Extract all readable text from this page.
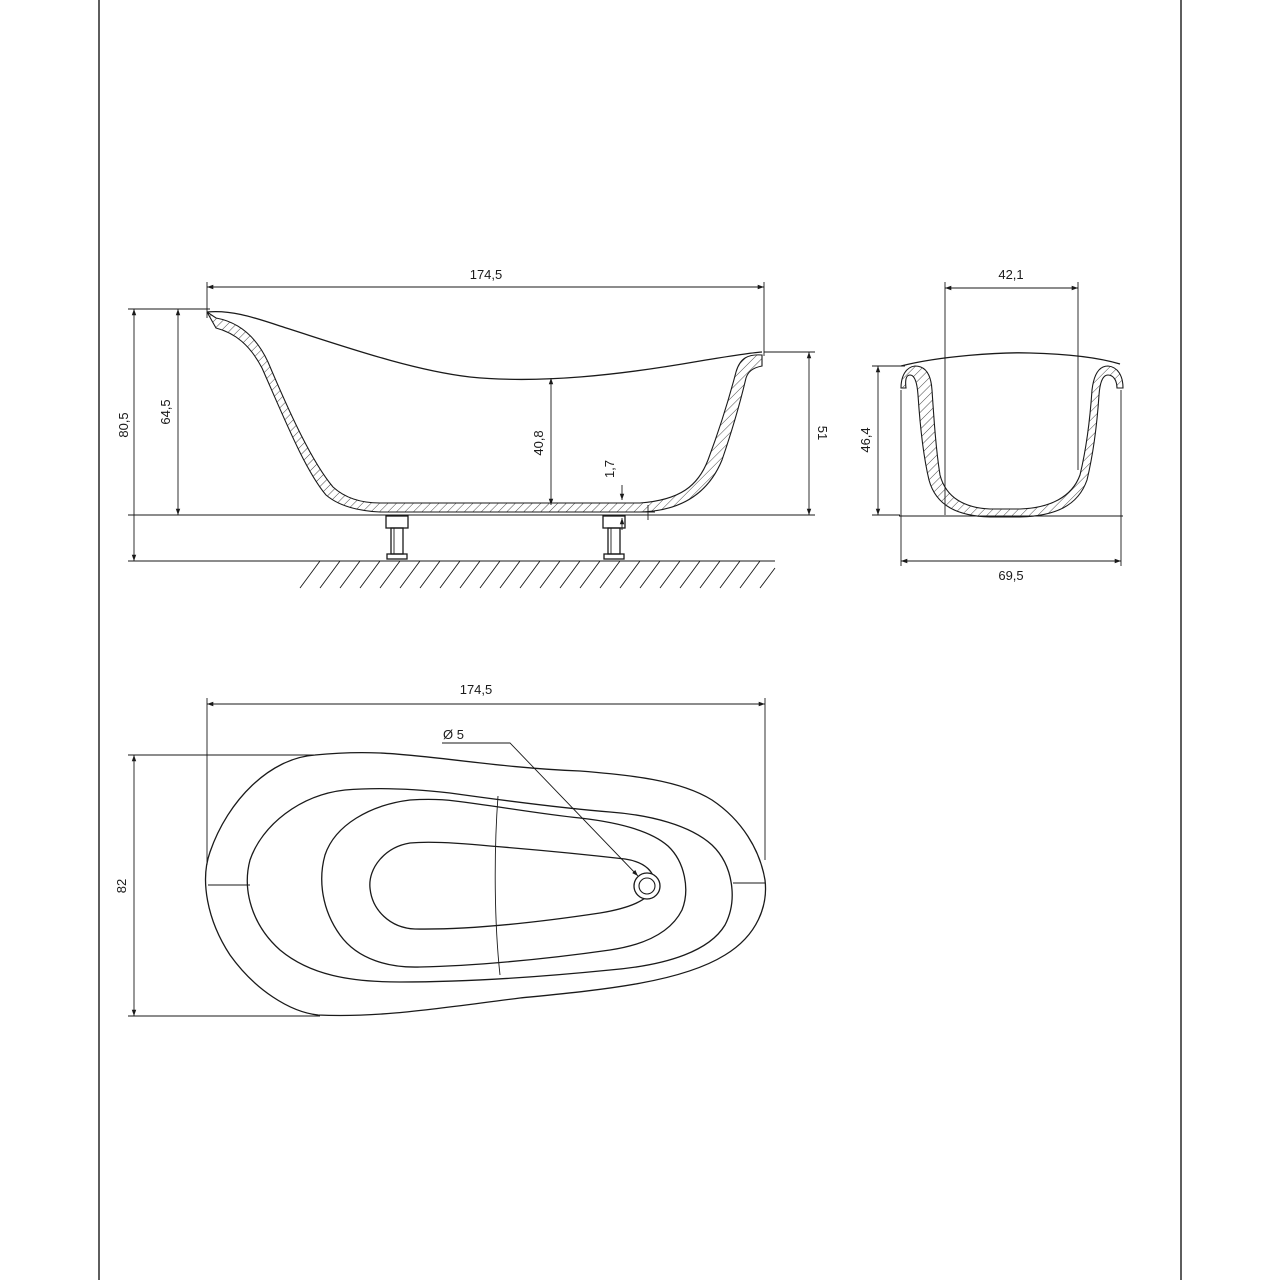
174,5
80,5
64,5
40,8
1,7
51
42,1
46,4
69,5
174,5
Ø 5
82
